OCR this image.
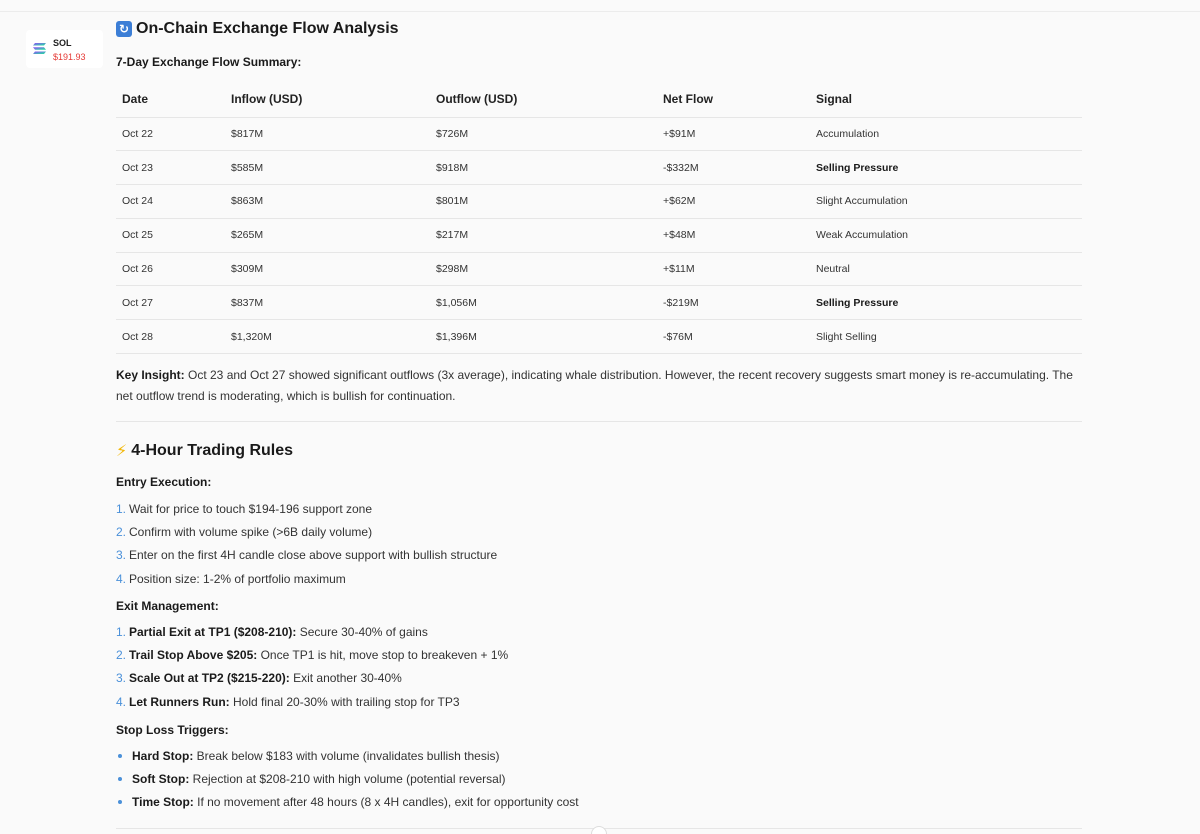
SOL
$191.93
↻ On-Chain Exchange Flow Analysis
7-Day Exchange Flow Summary:
Date	Inflow (USD)	Outflow (USD)	Net Flow	Signal
Oct 22	$817M	$726M	+$91M	Accumulation
Oct 23	$585M	$918M	-$332M	Selling Pressure
Oct 24	$863M	$801M	+$62M	Slight Accumulation
Oct 25	$265M	$217M	+$48M	Weak Accumulation
Oct 26	$309M	$298M	+$11M	Neutral
Oct 27	$837M	$1,056M	-$219M	Selling Pressure
Oct 28	$1,320M	$1,396M	-$76M	Slight Selling

Key Insight: Oct 23 and Oct 27 showed significant outflows (3x average), indicating whale distribution. However, the recent recovery suggests smart money is re-accumulating. The net outflow trend is moderating, which is bullish for continuation.

⚡ 4-Hour Trading Rules
Entry Execution:
1. Wait for price to touch $194-196 support zone
2. Confirm with volume spike (>6B daily volume)
3. Enter on the first 4H candle close above support with bullish structure
4. Position size: 1-2% of portfolio maximum
Exit Management:
1. Partial Exit at TP1 ($208-210): Secure 30-40% of gains
2. Trail Stop Above $205: Once TP1 is hit, move stop to breakeven + 1%
3. Scale Out at TP2 ($215-220): Exit another 30-40%
4. Let Runners Run: Hold final 20-30% with trailing stop for TP3
Stop Loss Triggers:
Hard Stop: Break below $183 with volume (invalidates bullish thesis)
Soft Stop: Rejection at $208-210 with high volume (potential reversal)
Time Stop: If no movement after 48 hours (8 x 4H candles), exit for opportunity cost
